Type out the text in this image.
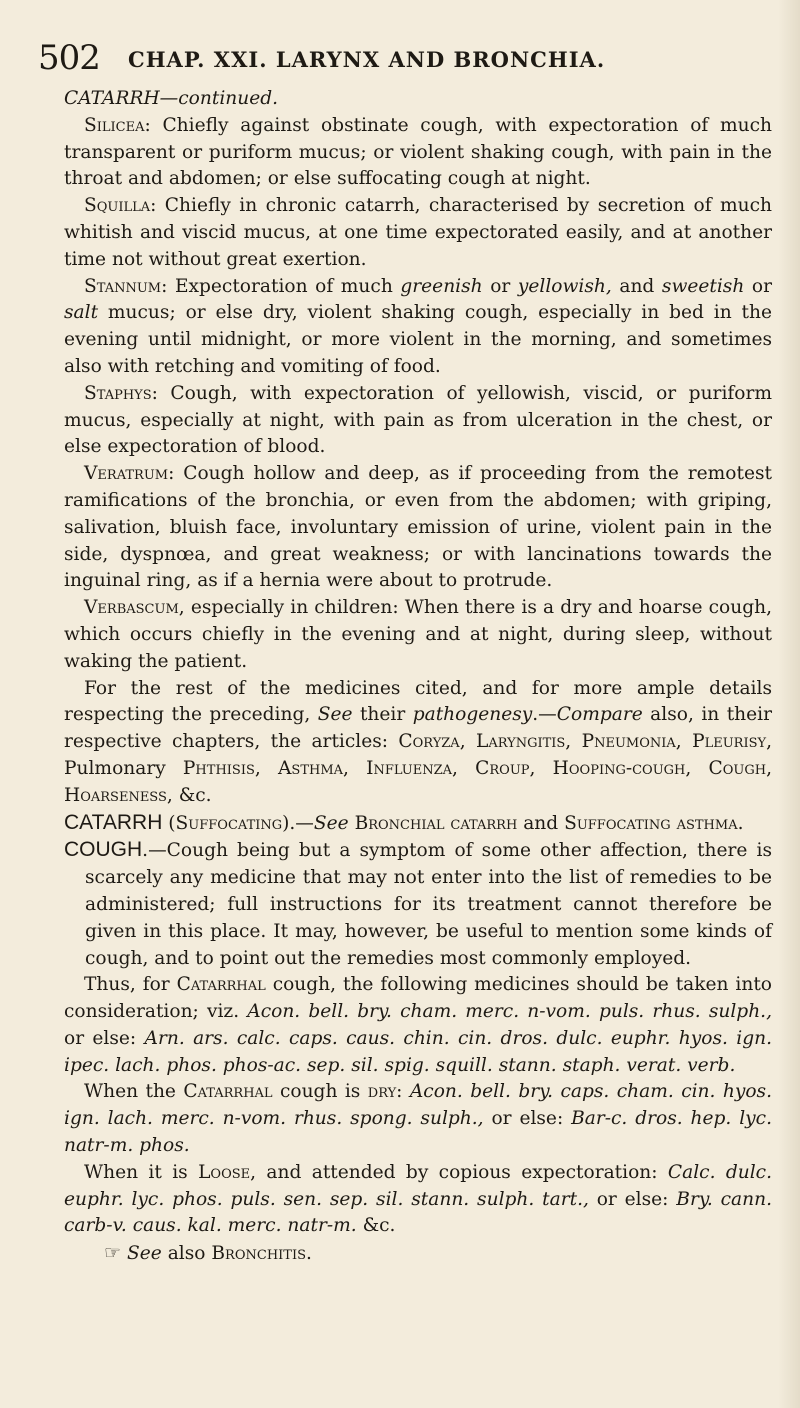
502 CHAP. XXI. LARYNX AND BRONCHIA.

CATARRH—continued.

Silicea: Chiefly against obstinate cough, with expectoration of much transparent or puriform mucus; or violent shaking cough, with pain in the throat and abdomen; or else suffocating cough at night.

Squilla: Chiefly in chronic catarrh, characterised by secretion of much whitish and viscid mucus, at one time expectorated easily, and at another time not without great exertion.

Stannum: Expectoration of much greenish or yellowish, and sweetish or salt mucus; or else dry, violent shaking cough, especially in bed in the evening until midnight, or more violent in the morning, and sometimes also with retching and vomiting of food.

Staphys: Cough, with expectoration of yellowish, viscid, or puriform mucus, especially at night, with pain as from ulceration in the chest, or else expectoration of blood.

Veratrum: Cough hollow and deep, as if proceeding from the remotest ramifications of the bronchia, or even from the abdomen; with griping, salivation, bluish face, involuntary emission of urine, violent pain in the side, dyspnœa, and great weakness; or with lancinations towards the inguinal ring, as if a hernia were about to protrude.

Verbascum, especially in children: When there is a dry and hoarse cough, which occurs chiefly in the evening and at night, during sleep, without waking the patient.

For the rest of the medicines cited, and for more ample details respecting the preceding, See their pathogenesy.—Compare also, in their respective chapters, the articles: Coryza, Laryngitis, Pneumonia, Pleurisy, Pulmonary Phthisis, Asthma, Influenza, Croup, Hooping-cough, Cough, Hoarseness, &c.

CATARRH (Suffocating).—See Bronchial catarrh and Suffocating asthma.

COUGH.—Cough being but a symptom of some other affection, there is scarcely any medicine that may not enter into the list of remedies to be administered; full instructions for its treatment cannot therefore be given in this place. It may, however, be useful to mention some kinds of cough, and to point out the remedies most commonly employed.

Thus, for Catarrhal cough, the following medicines should be taken into consideration; viz. Acon. bell. bry. cham. merc. n-vom. puls. rhus. sulph., or else: Arn. ars. calc. caps. caus. chin. cin. dros. dulc. euphr. hyos. ign. ipec. lach. phos. phos-ac. sep. sil. spig. squill. stann. staph. verat. verb.

When the Catarrhal cough is dry: Acon. bell. bry. caps. cham. cin. hyos. ign. lach. merc. n-vom. rhus. spong. sulph., or else: Bar-c. dros. hep. lyc. natr-m. phos.

When it is Loose, and attended by copious expectoration: Calc. dulc. euphr. lyc. phos. puls. sen. sep. sil. stann. sulph. tart., or else: Bry. cann. carb-v. caus. kal. merc. natr-m. &c.

☞ See also Bronchitis.
